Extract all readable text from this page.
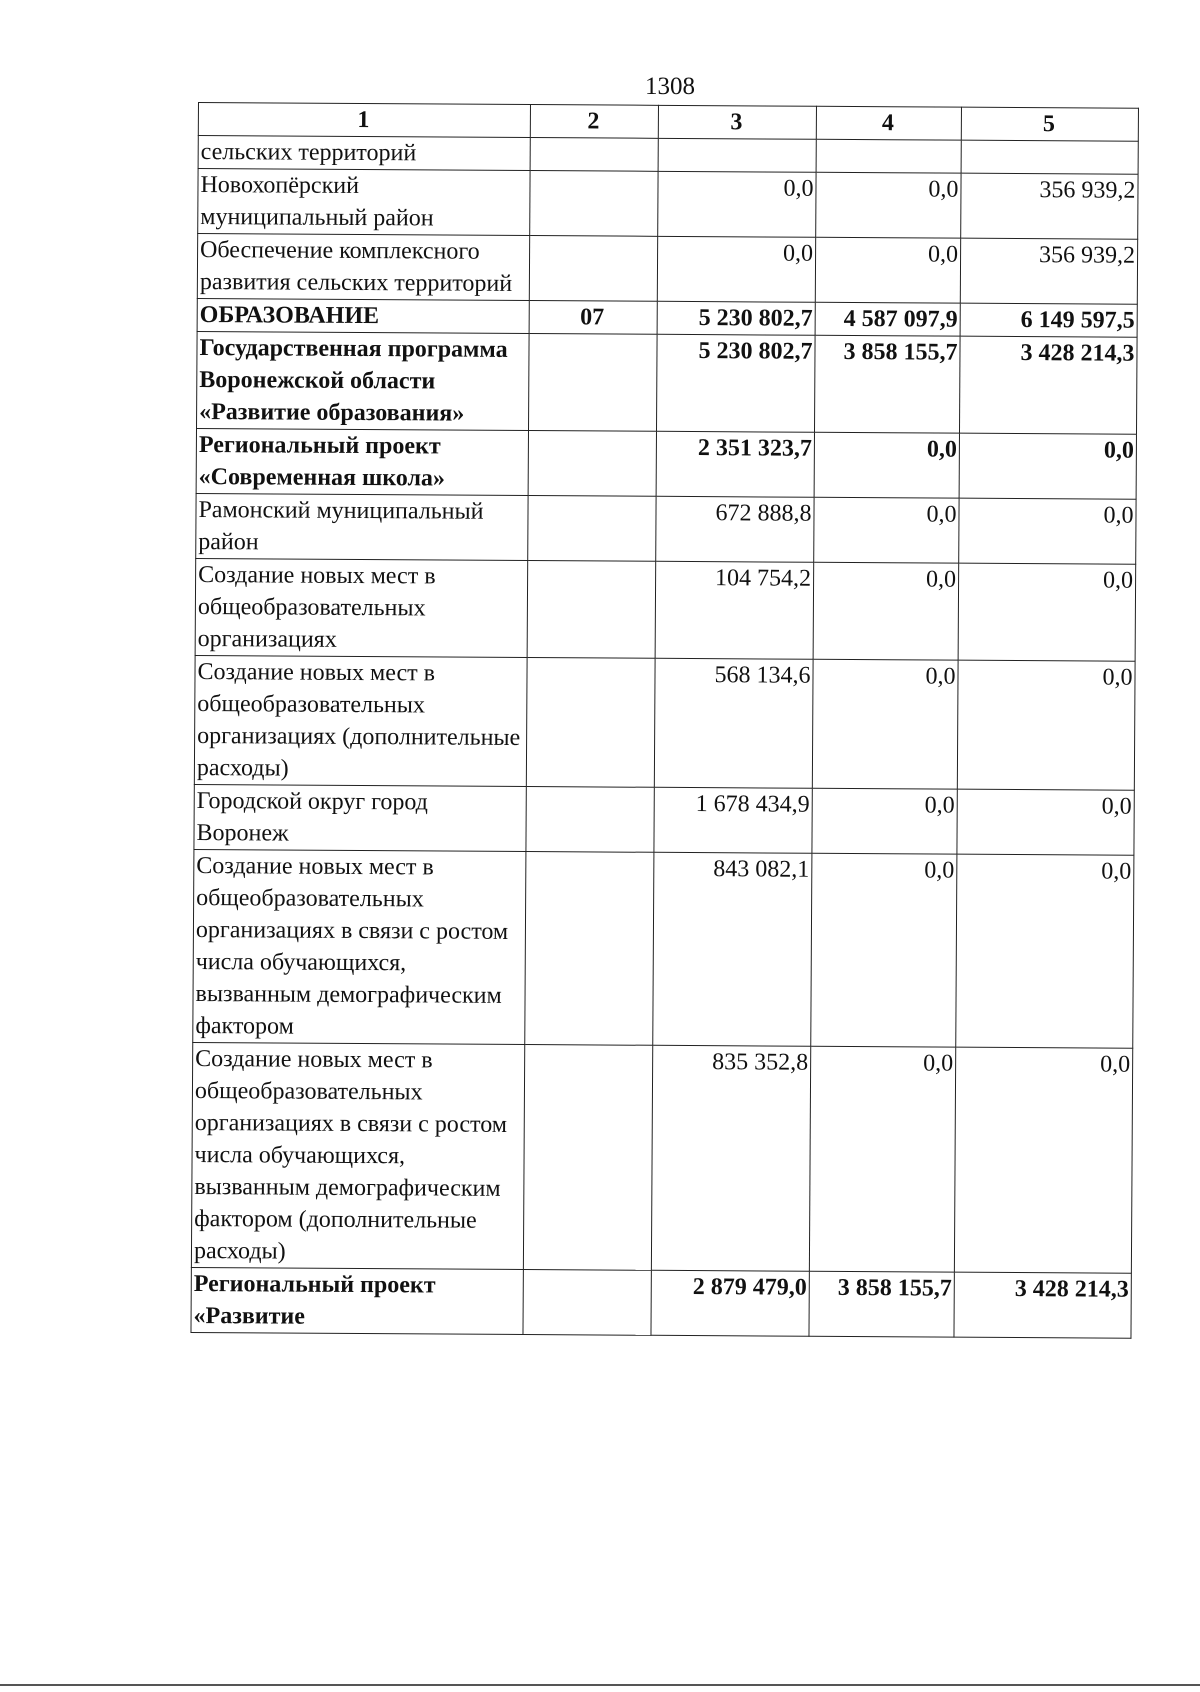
1308
1	2	3	4	5
сельских территорий				
Новохопёрский муниципальный район		0,0	0,0	356 939,2
Обеспечение комплексного развития сельских территорий		0,0	0,0	356 939,2
ОБРАЗОВАНИЕ	07	5 230 802,7	4 587 097,9	6 149 597,5
Государственная программа Воронежской области «Развитие образования»		5 230 802,7	3 858 155,7	3 428 214,3
Региональный проект «Современная школа»		2 351 323,7	0,0	0,0
Рамонский муниципальный район		672 888,8	0,0	0,0
Создание новых мест в общеобразовательных организациях		104 754,2	0,0	0,0
Создание новых мест в общеобразовательных организациях (дополнительные расходы)		568 134,6	0,0	0,0
Городской округ город Воронеж		1 678 434,9	0,0	0,0
Создание новых мест в общеобразовательных организациях в связи с ростом числа обучающихся, вызванным демографическим фактором		843 082,1	0,0	0,0
Создание новых мест в общеобразовательных организациях в связи с ростом числа обучающихся, вызванным демографическим фактором (дополнительные расходы)		835 352,8	0,0	0,0
Региональный проект «Развитие		2 879 479,0	3 858 155,7	3 428 214,3
